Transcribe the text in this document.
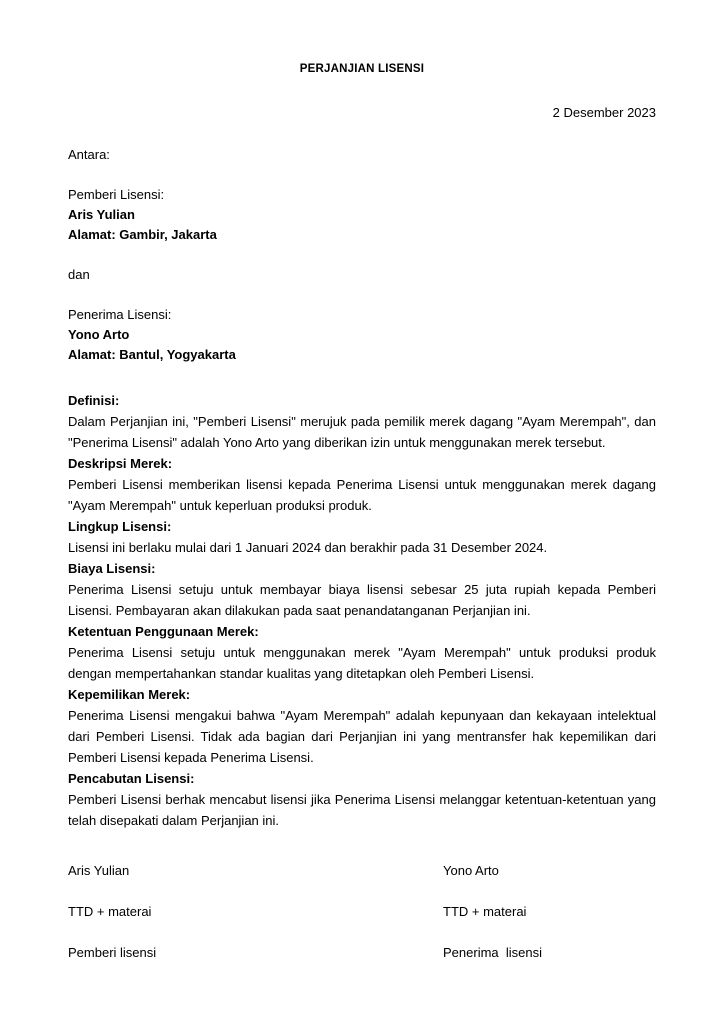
PERJANJIAN LISENSI
2 Desember 2023
Antara:
Pemberi Lisensi:
Aris Yulian
Alamat: Gambir, Jakarta
dan
Penerima Lisensi:
Yono Arto
Alamat: Bantul, Yogyakarta
Definisi:
Dalam Perjanjian ini, "Pemberi Lisensi" merujuk pada pemilik merek dagang "Ayam Merempah", dan "Penerima Lisensi" adalah Yono Arto yang diberikan izin untuk menggunakan merek tersebut.
Deskripsi Merek:
Pemberi Lisensi memberikan lisensi kepada Penerima Lisensi untuk menggunakan merek dagang "Ayam Merempah" untuk keperluan produksi produk.
Lingkup Lisensi:
Lisensi ini berlaku mulai dari 1 Januari 2024 dan berakhir pada 31 Desember 2024.
Biaya Lisensi:
Penerima Lisensi setuju untuk membayar biaya lisensi sebesar 25 juta rupiah kepada Pemberi Lisensi. Pembayaran akan dilakukan pada saat penandatanganan Perjanjian ini.
Ketentuan Penggunaan Merek:
Penerima Lisensi setuju untuk menggunakan merek "Ayam Merempah" untuk produksi produk dengan mempertahankan standar kualitas yang ditetapkan oleh Pemberi Lisensi.
Kepemilikan Merek:
Penerima Lisensi mengakui bahwa "Ayam Merempah" adalah kepunyaan dan kekayaan intelektual dari Pemberi Lisensi. Tidak ada bagian dari Perjanjian ini yang mentransfer hak kepemilikan dari Pemberi Lisensi kepada Penerima Lisensi.
Pencabutan Lisensi:
Pemberi Lisensi berhak mencabut lisensi jika Penerima Lisensi melanggar ketentuan-ketentuan yang telah disepakati dalam Perjanjian ini.
Aris Yulian	Yono Arto
TTD + materai	TTD + materai
Pemberi lisensi	Penerima  lisensi
